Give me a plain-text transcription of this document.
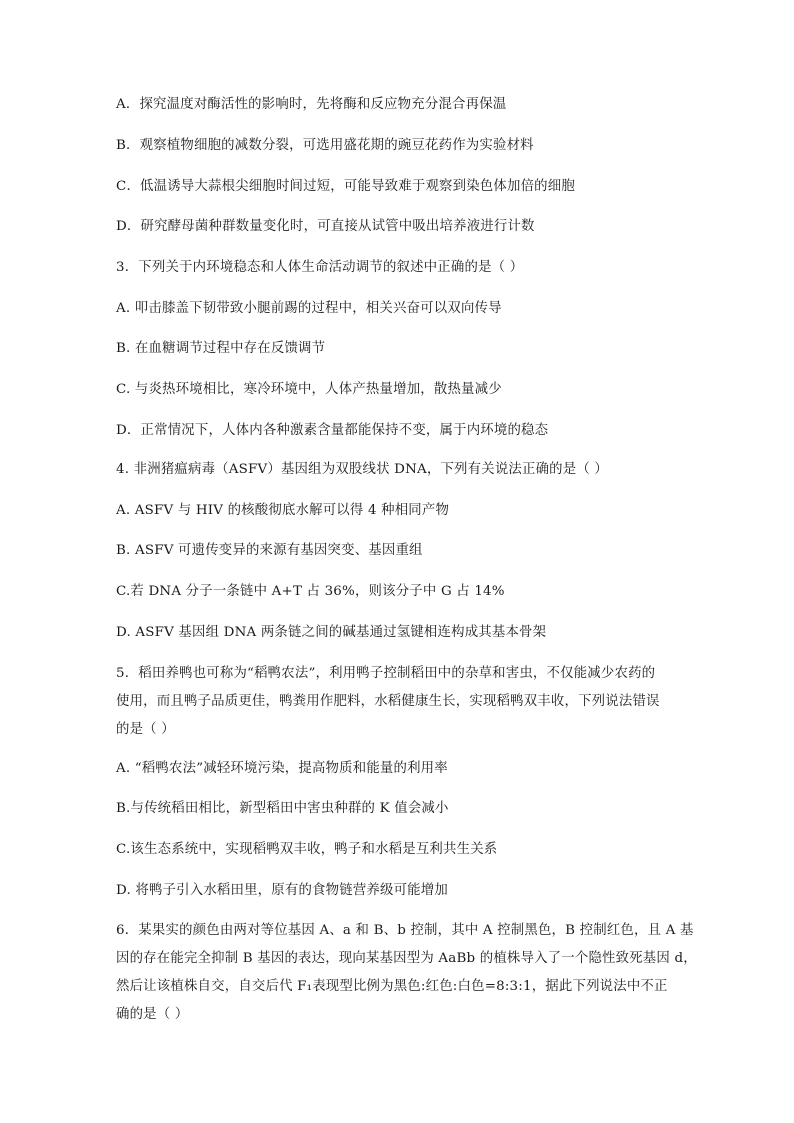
A．探究温度对酶活性的影响时，先将酶和反应物充分混合再保温
B．观察植物细胞的减数分裂，可选用盛花期的豌豆花药作为实验材料
C．低温诱导大蒜根尖细胞时间过短，可能导致难于观察到染色体加倍的细胞
D．研究酵母菌种群数量变化时，可直接从试管中吸出培养液进行计数
3．下列关于内环境稳态和人体生命活动调节的叙述中正确的是（ ）
A. 叩击膝盖下韧带致小腿前踢的过程中，相关兴奋可以双向传导
B. 在血糖调节过程中存在反馈调节
C. 与炎热环境相比，寒冷环境中，人体产热量增加，散热量减少
D．正常情况下，人体内各种激素含量都能保持不变，属于内环境的稳态
4. 非洲猪瘟病毒（ASFV）基因组为双股线状 DNA，下列有关说法正确的是（ ）
A. ASFV 与 HIV 的核酸彻底水解可以得 4 种相同产物
B. ASFV 可遗传变异的来源有基因突变、基因重组
C.若 DNA 分子一条链中 A+T 占 36%，则该分子中 G 占 14%
D. ASFV 基因组 DNA 两条链之间的碱基通过氢键相连构成其基本骨架
5．稻田养鸭也可称为“稻鸭农法”，利用鸭子控制稻田中的杂草和害虫，不仅能减少农药的
使用，而且鸭子品质更佳，鸭粪用作肥料，水稻健康生长，实现稻鸭双丰收，下列说法错误
的是（ ）
A. “稻鸭农法”减轻环境污染，提高物质和能量的利用率
B.与传统稻田相比，新型稻田中害虫种群的 K 值会减小
C.该生态系统中，实现稻鸭双丰收，鸭子和水稻是互利共生关系
D. 将鸭子引入水稻田里，原有的食物链营养级可能增加
6．某果实的颜色由两对等位基因 A、a 和 B、b 控制，其中 A 控制黑色，B 控制红色，且 A 基
因的存在能完全抑制 B 基因的表达，现向某基因型为 AaBb 的植株导入了一个隐性致死基因 d，
然后让该植株自交，自交后代 F₁表现型比例为黑色:红色:白色=8:3:1，据此下列说法中不正
确的是（ ）
